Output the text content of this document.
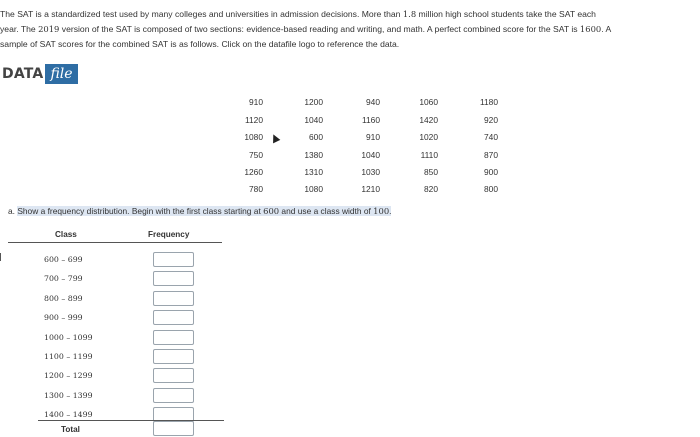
The SAT is a standardized test used by many colleges and universities in admission decisions. More than 1.8 million high school students take the SAT each
year. The 2019 version of the SAT is composed of two sections: evidence-based reading and writing, and math. A perfect combined score for the SAT is 1600. A
sample of SAT scores for the combined SAT is as follows. Click on the datafile logo to reference the data.
DATA file
910
1120
1080
750
1260
780
1200
1040
600
1380
1310
1080
940
1160
910
1040
1030
1210
1060
1420
1020
1110
850
820
1180
920
740
870
900
800
a. Show a frequency distribution. Begin with the first class starting at 600 and use a class width of 100.
Class	Frequency
600 – 699
700 – 799
800 – 899
900 – 999
1000 – 1099
1100 – 1199
1200 – 1299
1300 – 1399
1400 – 1499
Total
